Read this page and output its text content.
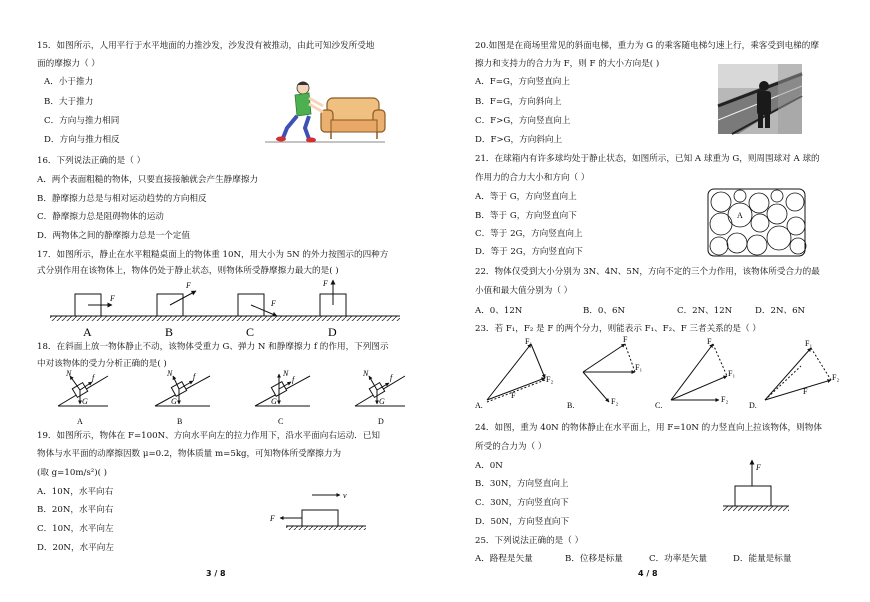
15．如图所示，人用平行于水平地面的力推沙发，沙发没有被推动，由此可知沙发所受地
面的摩擦力（ ）
A．小于推力
B．大于推力
C．方向与推力相同
D．方向与推力相反
16．下列说法正确的是（ ）
A．两个表面粗糙的物体，只要直接接触就会产生静摩擦力
B．静摩擦力总是与相对运动趋势的方向相反
C．静摩擦力总是阻碍物体的运动
D．两物体之间的静摩擦力总是一个定值
17．如图所示，静止在水平粗糙桌面上的物体重 10N，用大小为 5N 的外力按图示的四种方
式分别作用在该物体上，物体仍处于静止状态，则物体所受静摩擦力最大的是( )
F
F
F
F
A	B	C	D
18．在斜面上放一物体静止不动，该物体受重力 G、弹力 N 和静摩擦力 f 的作用，下列图示
中对该物体的受力分析正确的是( )
N	f
G
N	f
G
N
f
G
N	f
G
A	B	C	D
19．如图所示，物体在 F=100N、方向水平向左的拉力作用下，沿水平面向右运动．已知
物体与水平面的动摩擦因数 μ=0.2，物体质量 m=5kg，可知物体所受摩擦力为
(取 g=10m/s²)( )
A．10N，水平向右
B．20N，水平向右
C．10N，水平向左
D．20N，水平向左
v
F
3 / 8
20.如图是在商场里常见的斜面电梯，重力为 G 的乘客随电梯匀速上行，乘客受到电梯的摩
擦力和支持力的合力为 F，则 F 的大小方向是( )
A．F=G，方向竖直向上
B．F=G，方向斜向上
C．F>G，方向竖直向上
D．F>G，方向斜向上
21．在球箱内有许多球均处于静止状态，如图所示，已知 A 球重为 G，则周围球对 A 球的
作用力的合力大小和方向（ ）
A．等于 G，方向竖直向上
B．等于 G，方向竖直向下
C．等于 2G，方向竖直向上
D．等于 2G，方向竖直向下
A
22．物体仅受到大小分别为 3N、4N、5N，方向不定的三个力作用，该物体所受合力的最
小值和最大值分别为（ ）
A．0、12N	B．0、6N	C．2N、12N	D．2N、6N
23．若 F₁，F₂ 是 F 的两个分力，则能表示 F₁、F₂、F 三者关系的是（ ）
F₁
F₂
F
F
F₁
F₂
F
F₁
F₂
F₁
F₂
F
A.	B.	C.	D.
24．如图，重为 40N 的物体静止在水平面上，用 F=10N 的力竖直向上拉该物体，则物体
所受的合力为（ ）
A．0N
B．30N，方向竖直向上
C．30N，方向竖直向下
D．50N，方向竖直向下
F
25．下列说法正确的是（ ）
A．路程是矢量	B．位移是标量	C．功率是矢量	D．能量是标量
4 / 8
